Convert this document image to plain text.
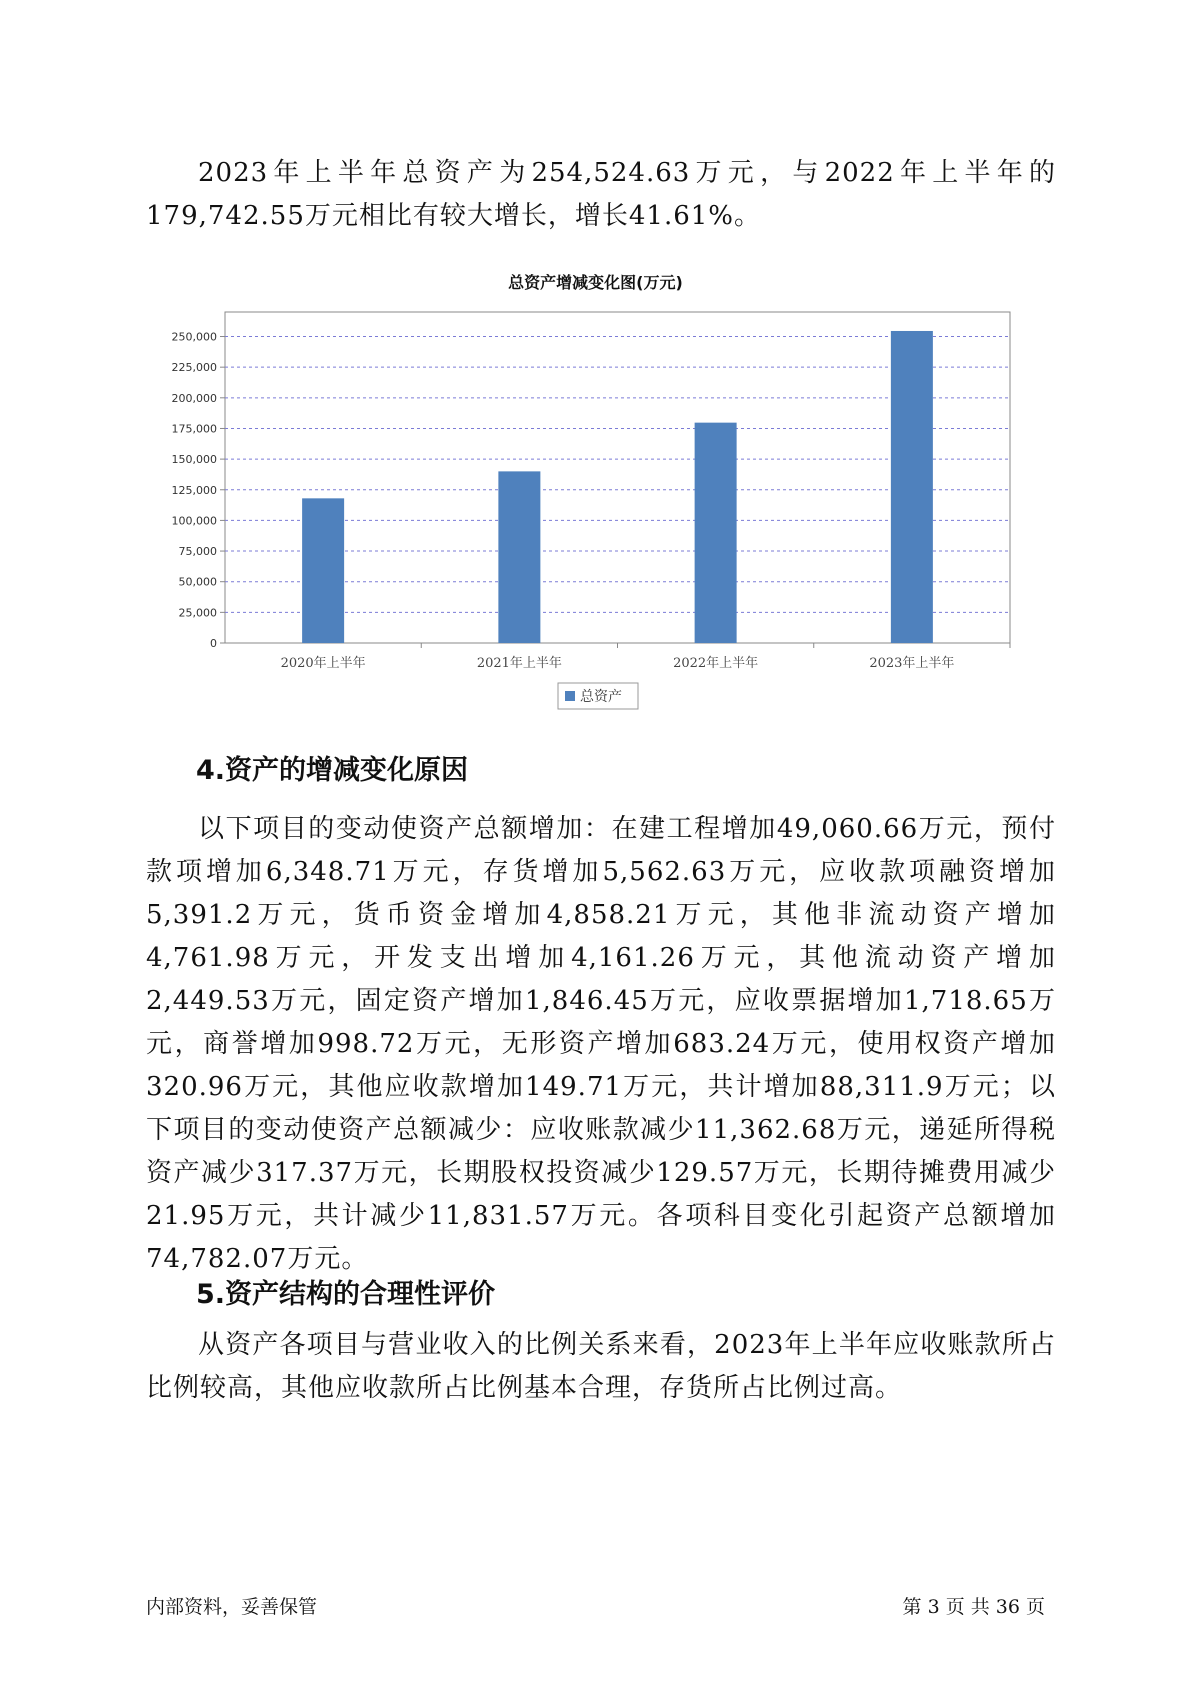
2023年上半年总资产为254,524.63万元，与2022年上半年的179,742.55万元相比有较大增长，增长41.61%。

总资产增减变化图(万元)
0
25,000
50,000
75,000
100,000
125,000
150,000
175,000
200,000
225,000
250,000
2020年上半年	2021年上半年	2022年上半年	2023年上半年
总资产
4.资产的增减变化原因

以下项目的变动使资产总额增加：在建工程增加49,060.66万元，预付款项增加6,348.71万元，存货增加5,562.63万元，应收款项融资增加5,391.2万元，货币资金增加4,858.21万元，其他非流动资产增加4,761.98万元，开发支出增加4,161.26万元，其他流动资产增加2,449.53万元，固定资产增加1,846.45万元，应收票据增加1,718.65万元，商誉增加998.72万元，无形资产增加683.24万元，使用权资产增加320.96万元，其他应收款增加149.71万元，共计增加88,311.9万元；以下项目的变动使资产总额减少：应收账款减少11,362.68万元，递延所得税资产减少317.37万元，长期股权投资减少129.57万元，长期待摊费用减少21.95万元，共计减少11,831.57万元。各项科目变化引起资产总额增加74,782.07万元。

5.资产结构的合理性评价

从资产各项目与营业收入的比例关系来看，2023年上半年应收账款所占比例较高，其他应收款所占比例基本合理，存货所占比例过高。

内部资料，妥善保管	第 3 页 共 36 页
